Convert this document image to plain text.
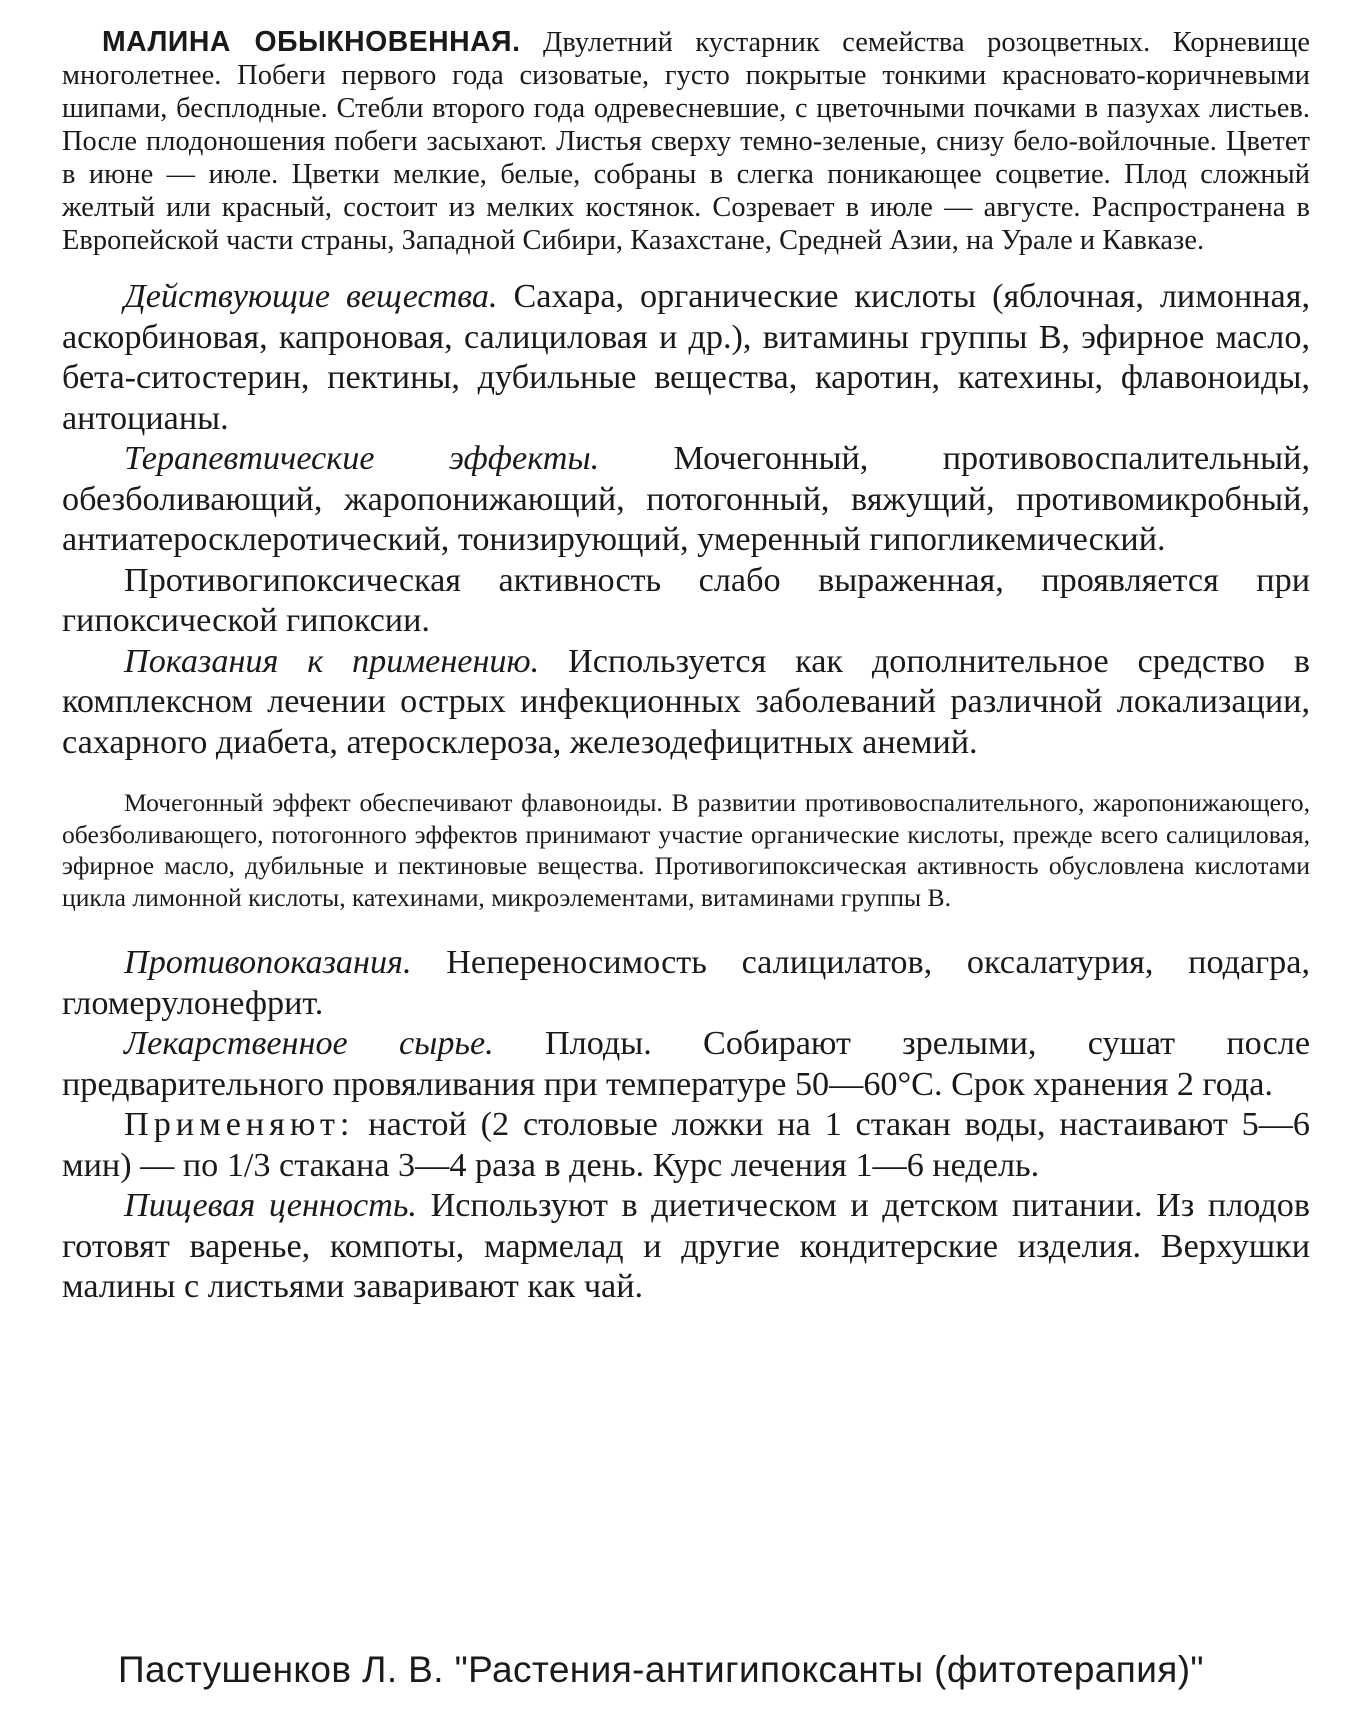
МАЛИНА ОБЫКНОВЕННАЯ. Двулетний кустарник семейства розоцветных. Корневище многолетнее. Побеги первого года сизоватые, густо покрытые тонкими красновато-коричневыми шипами, бесплодные. Стебли второго года одревесневшие, с цветочными почками в пазухах листьев. После плодоношения побеги засыхают. Листья сверху темно-зеленые, снизу бело-войлочные. Цветет в июне — июле. Цветки мелкие, белые, собраны в слегка поникающее соцветие. Плод сложный желтый или красный, состоит из мелких костянок. Созревает в июле — августе. Распространена в Европейской части страны, Западной Сибири, Казахстане, Средней Азии, на Урале и Кавказе.

Действующие вещества. Сахара, органические кислоты (яблочная, лимонная, аскорбиновая, капроновая, салициловая и др.), витамины группы В, эфирное масло, бета-ситостерин, пектины, дубильные вещества, каротин, катехины, флавоноиды, антоцианы.

Терапевтические эффекты. Мочегонный, противовоспалительный, обезболивающий, жаропонижающий, потогонный, вяжущий, противомикробный, антиатеросклеротический, тонизирующий, умеренный гипогликемический.

Противогипоксическая активность слабо выраженная, проявляется при гипоксической гипоксии.

Показания к применению. Используется как дополнительное средство в комплексном лечении острых инфекционных заболеваний различной локализации, сахарного диабета, атеросклероза, железодефицитных анемий.

Мочегонный эффект обеспечивают флавоноиды. В развитии противовоспалительного, жаропонижающего, обезболивающего, потогонного эффектов принимают участие органические кислоты, прежде всего салициловая, эфирное масло, дубильные и пектиновые вещества. Противогипоксическая активность обусловлена кислотами цикла лимонной кислоты, катехинами, микроэлементами, витаминами группы В.

Противопоказания. Непереносимость салицилатов, оксалатурия, подагра, гломерулонефрит.

Лекарственное сырье. Плоды. Собирают зрелыми, сушат после предварительного провяливания при температуре 50—60°С. Срок хранения 2 года.

Применяют: настой (2 столовые ложки на 1 стакан воды, настаивают 5—6 мин) — по 1/3 стакана 3—4 раза в день. Курс лечения 1—6 недель.

Пищевая ценность. Используют в диетическом и детском питании. Из плодов готовят варенье, компоты, мармелад и другие кондитерские изделия. Верхушки малины с листьями заваривают как чай.

Пастушенков Л. В. "Растения-антигипоксанты (фитотерапия)"
